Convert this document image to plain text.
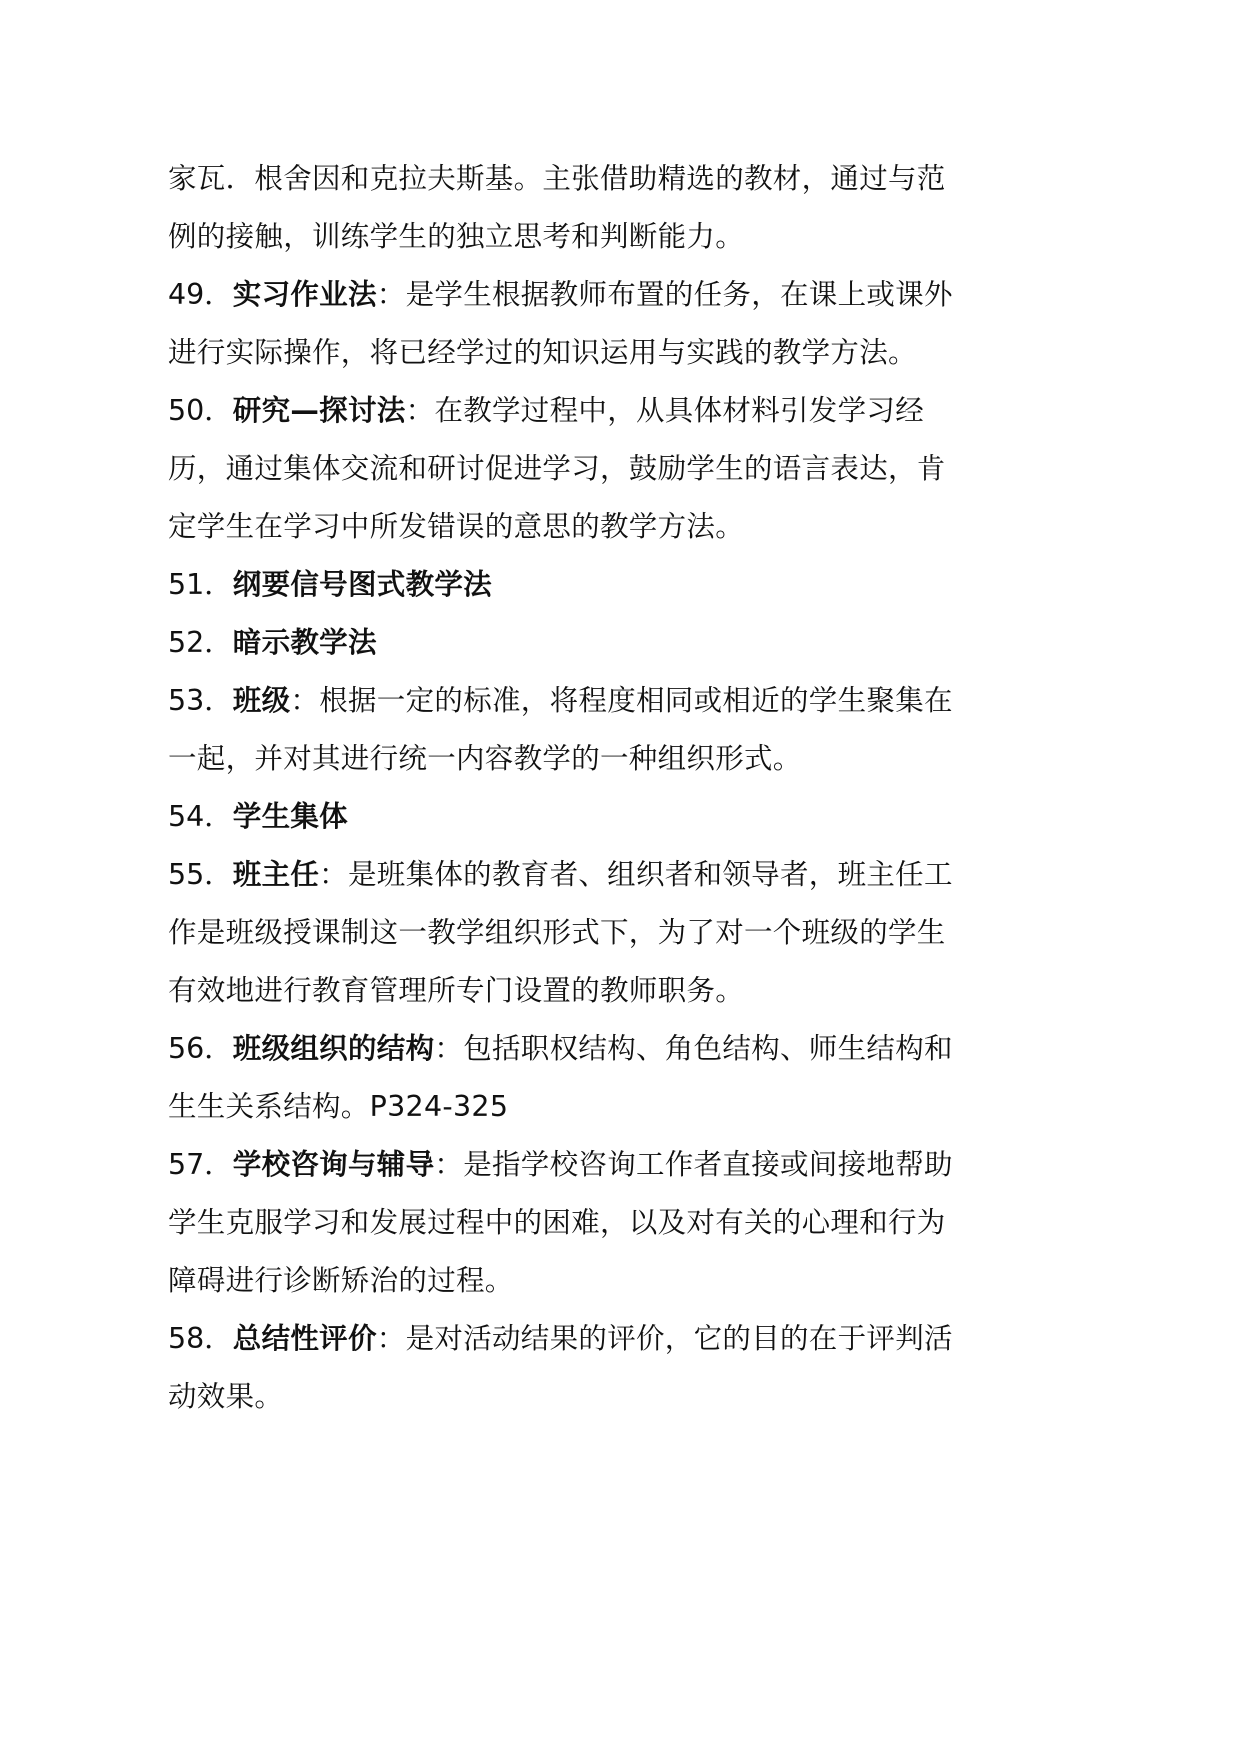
家瓦．根舍因和克拉夫斯基。主张借助精选的教材，通过与范例的接触，训练学生的独立思考和判断能力。

49．实习作业法：是学生根据教师布置的任务，在课上或课外进行实际操作，将已经学过的知识运用与实践的教学方法。

50．研究—探讨法：在教学过程中，从具体材料引发学习经历，通过集体交流和研讨促进学习，鼓励学生的语言表达，肯定学生在学习中所发错误的意思的教学方法。

51．纲要信号图式教学法

52．暗示教学法

53．班级：根据一定的标准，将程度相同或相近的学生聚集在一起，并对其进行统一内容教学的一种组织形式。

54．学生集体

55．班主任：是班集体的教育者、组织者和领导者，班主任工作是班级授课制这一教学组织形式下，为了对一个班级的学生有效地进行教育管理所专门设置的教师职务。

56．班级组织的结构：包括职权结构、角色结构、师生结构和生生关系结构。P324-325

57．学校咨询与辅导：是指学校咨询工作者直接或间接地帮助学生克服学习和发展过程中的困难，以及对有关的心理和行为障碍进行诊断矫治的过程。

58．总结性评价：是对活动结果的评价，它的目的在于评判活动效果。
